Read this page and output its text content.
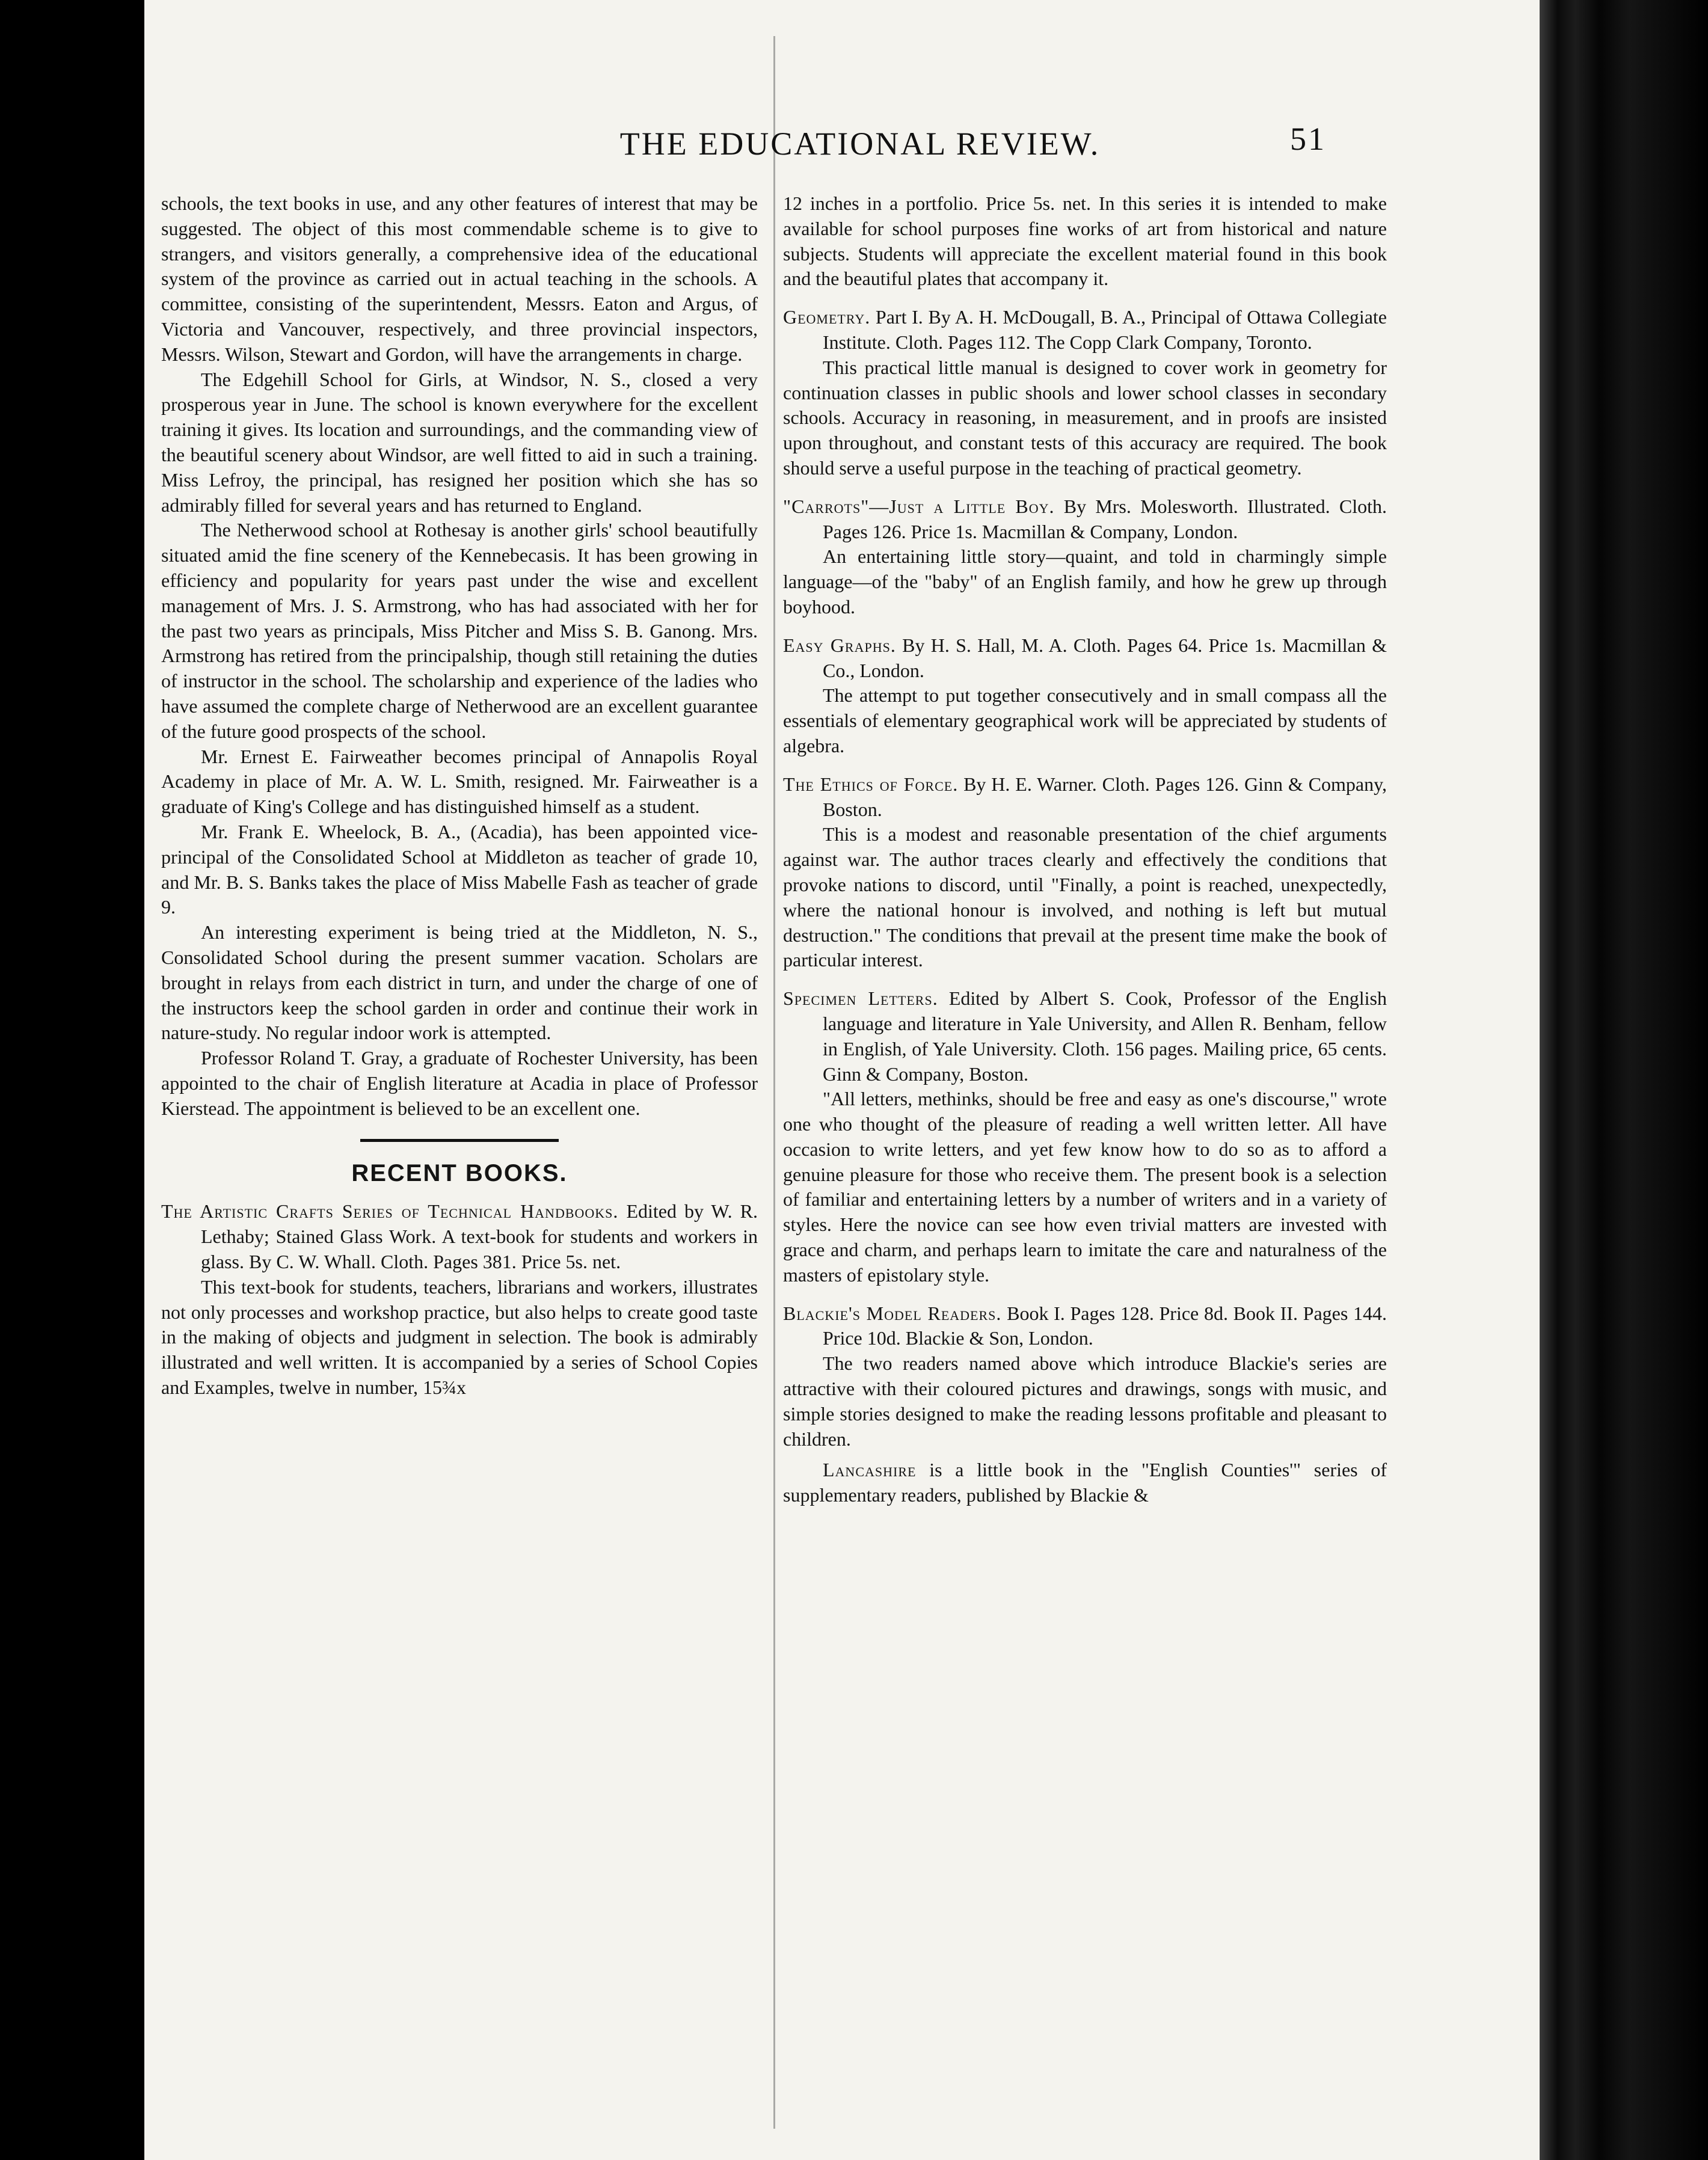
THE EDUCATIONAL REVIEW.	51

schools, the text books in use, and any other features of interest that may be suggested. The object of this most commendable scheme is to give to strangers, and visitors generally, a comprehensive idea of the educational system of the province as carried out in actual teaching in the schools. A committee, consisting of the superintendent, Messrs. Eaton and Argus, of Victoria and Vancouver, respectively, and three provincial inspectors, Messrs. Wilson, Stewart and Gordon, will have the arrangements in charge.

The Edgehill School for Girls, at Windsor, N. S., closed a very prosperous year in June. The school is known everywhere for the excellent training it gives. Its location and surroundings, and the commanding view of the beautiful scenery about Windsor, are well fitted to aid in such a training. Miss Lefroy, the principal, has resigned her position which she has so admirably filled for several years and has returned to England.

The Netherwood school at Rothesay is another girls' school beautifully situated amid the fine scenery of the Kennebecasis. It has been growing in efficiency and popularity for years past under the wise and excellent management of Mrs. J. S. Armstrong, who has had associated with her for the past two years as principals, Miss Pitcher and Miss S. B. Ganong. Mrs. Armstrong has retired from the principalship, though still retaining the duties of instructor in the school. The scholarship and experience of the ladies who have assumed the complete charge of Netherwood are an excellent guarantee of the future good prospects of the school.

Mr. Ernest E. Fairweather becomes principal of Annapolis Royal Academy in place of Mr. A. W. L. Smith, resigned. Mr. Fairweather is a graduate of King's College and has distinguished himself as a student.

Mr. Frank E. Wheelock, B. A., (Acadia), has been appointed vice-principal of the Consolidated School at Middleton as teacher of grade 10, and Mr. B. S. Banks takes the place of Miss Mabelle Fash as teacher of grade 9.

An interesting experiment is being tried at the Middleton, N. S., Consolidated School during the present summer vacation. Scholars are brought in relays from each district in turn, and under the charge of one of the instructors keep the school garden in order and continue their work in nature-study. No regular indoor work is attempted.

Professor Roland T. Gray, a graduate of Rochester University, has been appointed to the chair of English literature at Acadia in place of Professor Kierstead. The appointment is believed to be an excellent one.

RECENT BOOKS.

The Artistic Crafts Series of Technical Handbooks. Edited by W. R. Lethaby; Stained Glass Work. A text-book for students and workers in glass. By C. W. Whall. Cloth. Pages 381. Price 5s. net.

This text-book for students, teachers, librarians and workers, illustrates not only processes and workshop practice, but also helps to create good taste in the making of objects and judgment in selection. The book is admirably illustrated and well written. It is accompanied by a series of School Copies and Examples, twelve in number, 15¾x

12 inches in a portfolio. Price 5s. net. In this series it is intended to make available for school purposes fine works of art from historical and nature subjects. Students will appreciate the excellent material found in this book and the beautiful plates that accompany it.

Geometry. Part I. By A. H. McDougall, B. A., Principal of Ottawa Collegiate Institute. Cloth. Pages 112. The Copp Clark Company, Toronto.

This practical little manual is designed to cover work in geometry for continuation classes in public shools and lower school classes in secondary schools. Accuracy in reasoning, in measurement, and in proofs are insisted upon throughout, and constant tests of this accuracy are required. The book should serve a useful purpose in the teaching of practical geometry.

"Carrots"—Just a Little Boy. By Mrs. Molesworth. Illustrated. Cloth. Pages 126. Price 1s. Macmillan & Company, London.

An entertaining little story—quaint, and told in charmingly simple language—of the "baby" of an English family, and how he grew up through boyhood.

Easy Graphs. By H. S. Hall, M. A. Cloth. Pages 64. Price 1s. Macmillan & Co., London.

The attempt to put together consecutively and in small compass all the essentials of elementary geographical work will be appreciated by students of algebra.

The Ethics of Force. By H. E. Warner. Cloth. Pages 126. Ginn & Company, Boston.

This is a modest and reasonable presentation of the chief arguments against war. The author traces clearly and effectively the conditions that provoke nations to discord, until "Finally, a point is reached, unexpectedly, where the national honour is involved, and nothing is left but mutual destruction." The conditions that prevail at the present time make the book of particular interest.

Specimen Letters. Edited by Albert S. Cook, Professor of the English language and literature in Yale University, and Allen R. Benham, fellow in English, of Yale University. Cloth. 156 pages. Mailing price, 65 cents. Ginn & Company, Boston.

"All letters, methinks, should be free and easy as one's discourse," wrote one who thought of the pleasure of reading a well written letter. All have occasion to write letters, and yet few know how to do so as to afford a genuine pleasure for those who receive them. The present book is a selection of familiar and entertaining letters by a number of writers and in a variety of styles. Here the novice can see how even trivial matters are invested with grace and charm, and perhaps learn to imitate the care and naturalness of the masters of epistolary style.

Blackie's Model Readers. Book I. Pages 128. Price 8d. Book II. Pages 144. Price 10d. Blackie & Son, London.

The two readers named above which introduce Blackie's series are attractive with their coloured pictures and drawings, songs with music, and simple stories designed to make the reading lessons profitable and pleasant to children.

Lancashire is a little book in the "English Counties'" series of supplementary readers, published by Blackie &
